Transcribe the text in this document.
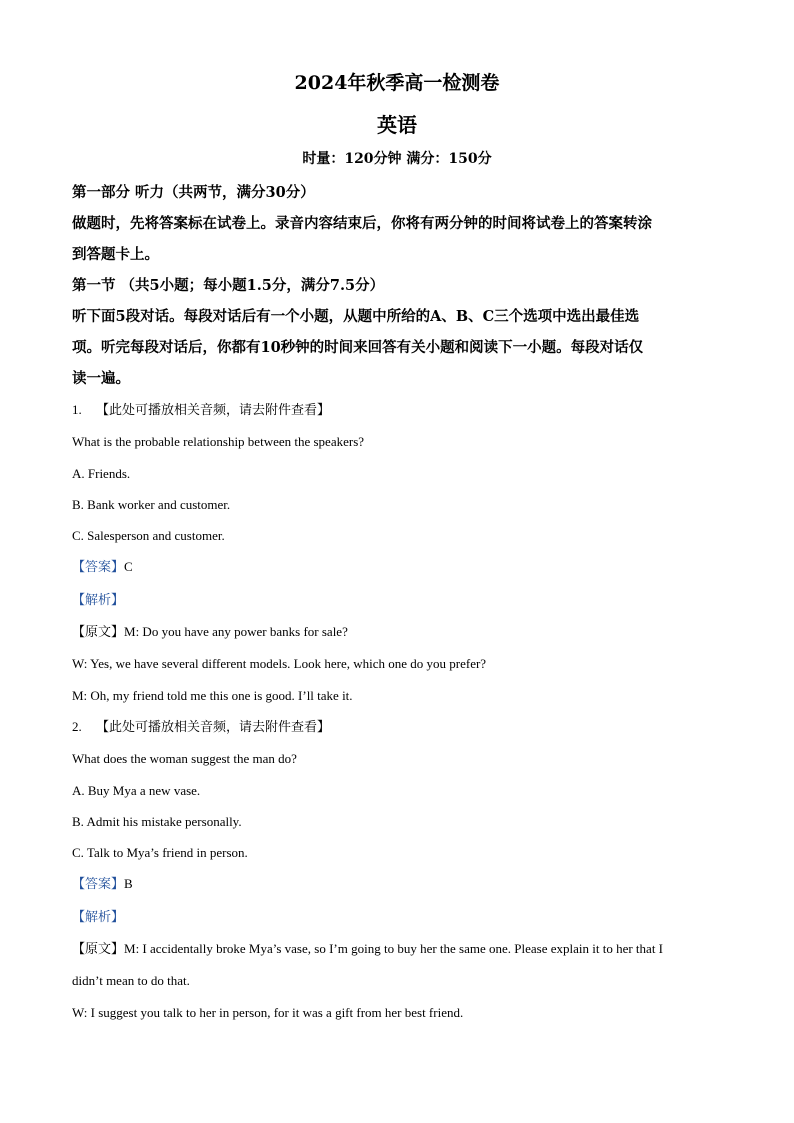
2024年秋季高一检测卷
英语
时量：120分钟 满分：150分

第一部分 听力（共两节，满分30分）

做题时，先将答案标在试卷上。录音内容结束后，你将有两分钟的时间将试卷上的答案转涂

到答题卡上。

第一节 （共5小题；每小题1.5分，满分7.5分）

听下面5段对话。每段对话后有一个小题，从题中所给的A、B、C三个选项中选出最佳选

项。听完每段对话后，你都有10秒钟的时间来回答有关小题和阅读下一小题。每段对话仅

读一遍。

1. 【此处可播放相关音频，请去附件查看】

What is the probable relationship between the speakers?

A. Friends.

B. Bank worker and customer.

C. Salesperson and customer.

【答案】C

【解析】

【原文】M: Do you have any power banks for sale?

W: Yes, we have several different models. Look here, which one do you prefer?

M: Oh, my friend told me this one is good. I’ll take it.

2. 【此处可播放相关音频，请去附件查看】

What does the woman suggest the man do?

A. Buy Mya a new vase.

B. Admit his mistake personally.

C. Talk to Mya’s friend in person.

【答案】B

【解析】

【原文】M: I accidentally broke Mya’s vase, so I’m going to buy her the same one. Please explain it to her that I

didn’t mean to do that.

W: I suggest you talk to her in person, for it was a gift from her best friend.
